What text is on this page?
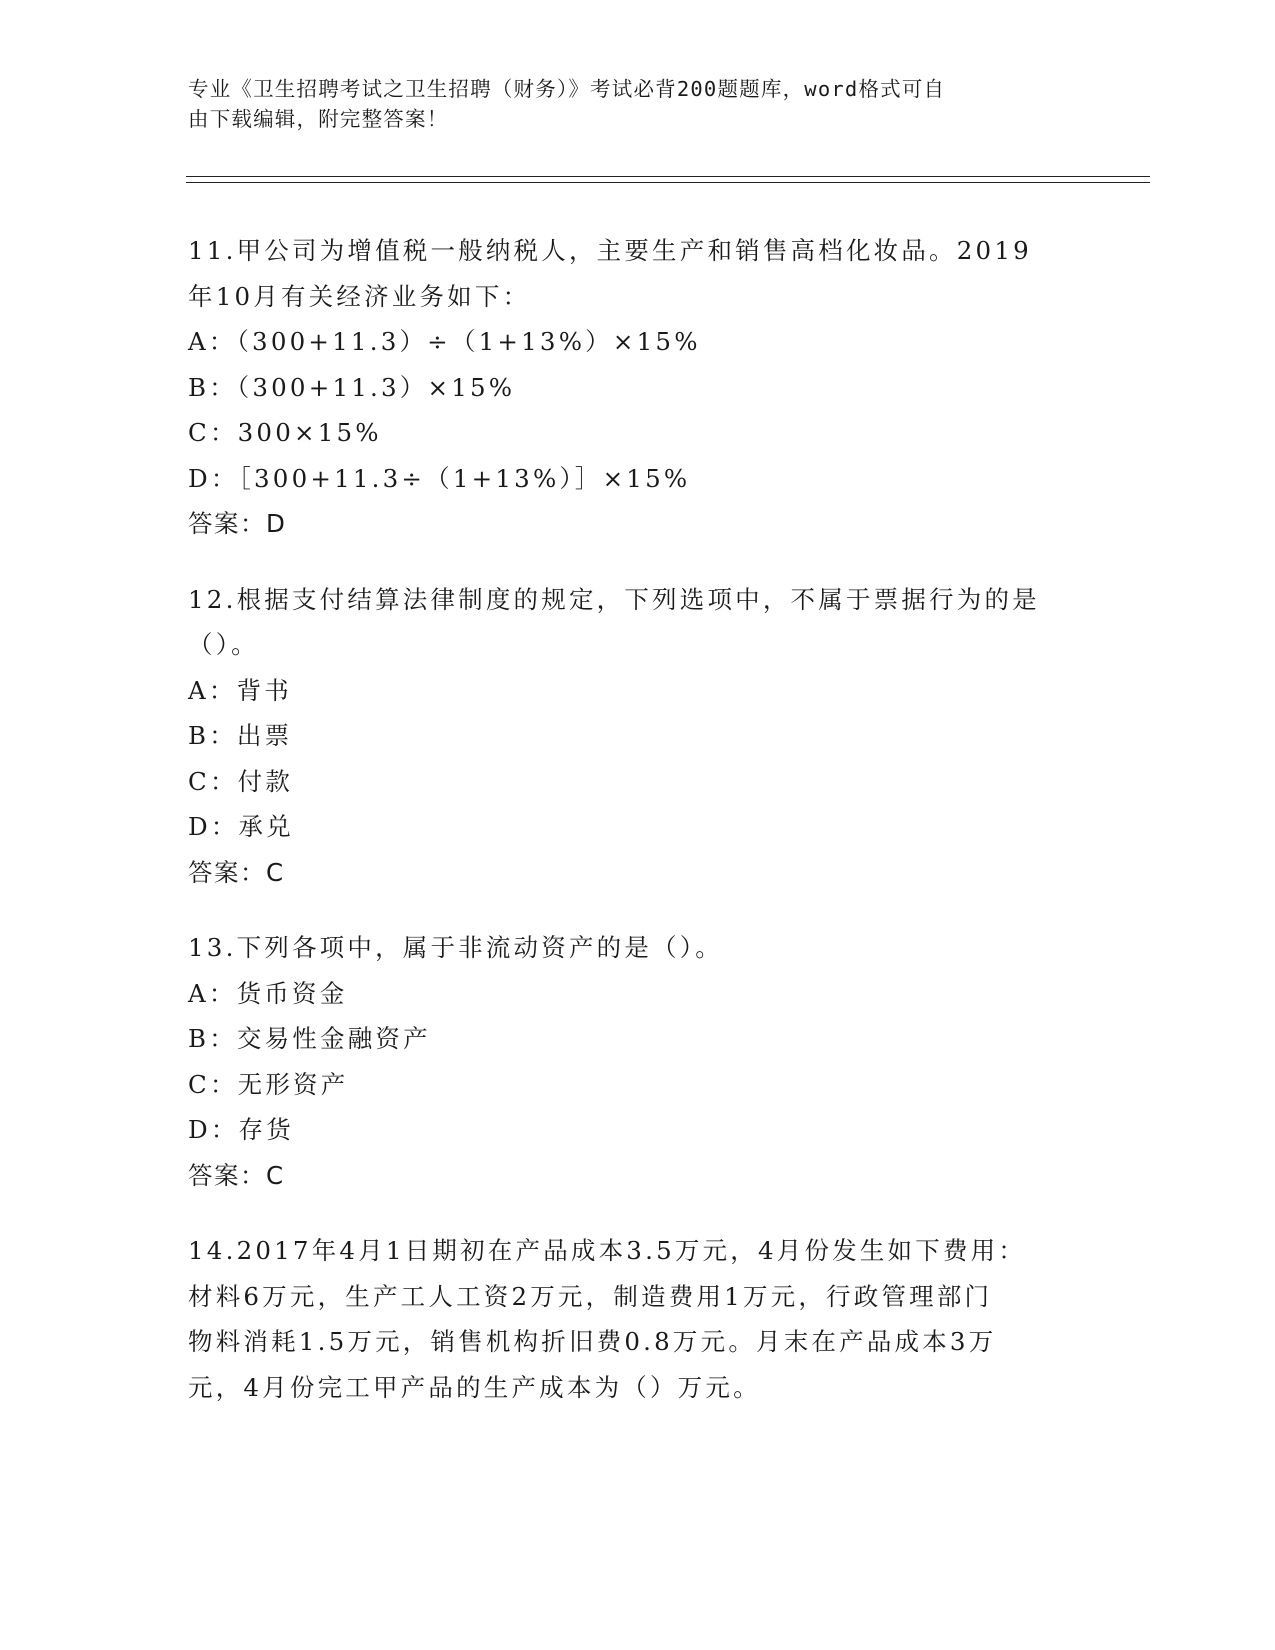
专业《卫生招聘考试之卫生招聘（财务）》考试必背200题题库，word格式可自
由下载编辑，附完整答案！

11.甲公司为增值税一般纳税人，主要生产和销售高档化妆品。2019

年10月有关经济业务如下：

A：（300+11.3）÷（1+13%）×15%

B：（300+11.3）×15%

C：300×15%

D：［300+11.3÷（1+13%）］×15%

答案：D

12.根据支付结算法律制度的规定，下列选项中，不属于票据行为的是

（）。

A：背书

B：出票

C：付款

D：承兑

答案：C

13.下列各项中，属于非流动资产的是（）。

A：货币资金

B：交易性金融资产

C：无形资产

D：存货

答案：C

14.2017年4月1日期初在产品成本3.5万元，4月份发生如下费用：

材料6万元，生产工人工资2万元，制造费用1万元，行政管理部门

物料消耗1.5万元，销售机构折旧费0.8万元。月末在产品成本3万

元，4月份完工甲产品的生产成本为（）万元。
